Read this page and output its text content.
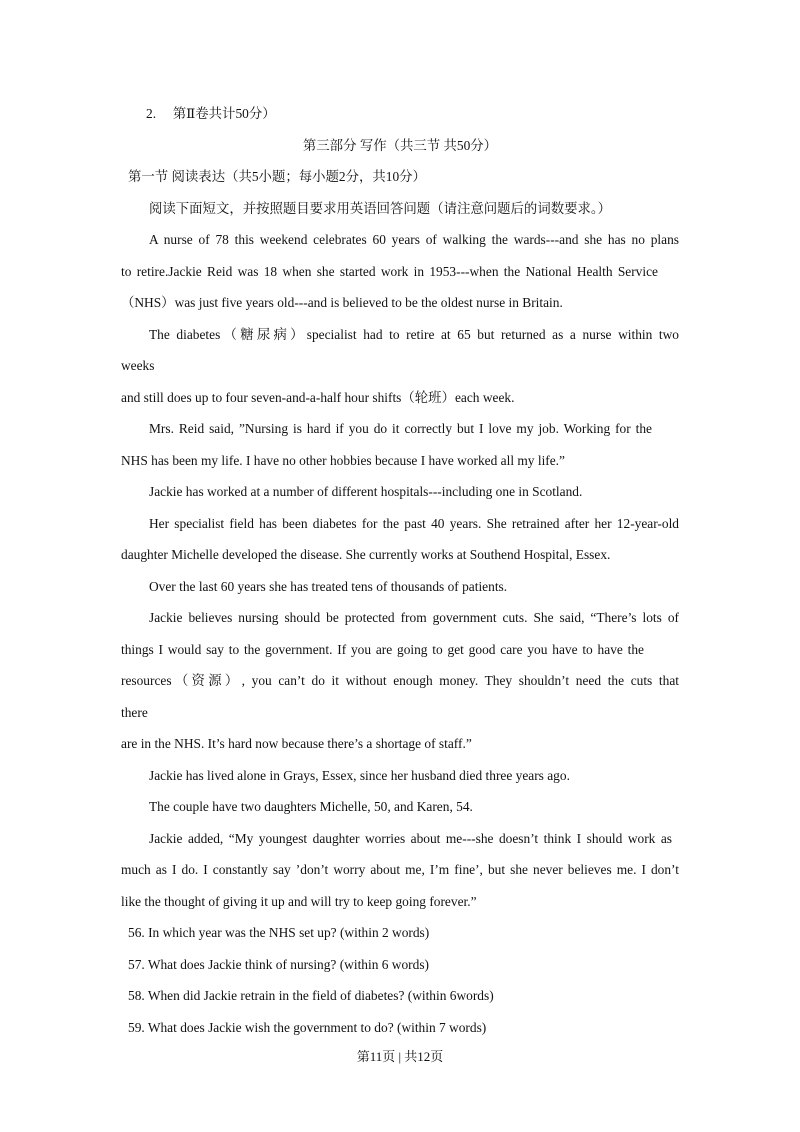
2.　 第Ⅱ卷共计50分）
第三部分 写作（共三节 共50分）
第一节 阅读表达（共5小题；每小题2分，共10分）
阅读下面短文，并按照题目要求用英语回答问题（请注意问题后的词数要求。）
A nurse of 78 this weekend celebrates 60 years of walking the wards---and she has no plans
to retire.Jackie Reid was 18 when she started work in 1953---when the National Health Service
（NHS）was just five years old---and is believed to be the oldest nurse in Britain.
The diabetes（糖尿病）specialist had to retire at 65 but returned as a nurse within two
weeks
and still does up to four seven-and-a-half hour shifts（轮班）each week.
Mrs. Reid said, ”Nursing is hard if you do it correctly but I love my job. Working for the
NHS has been my life. I have no other hobbies because I have worked all my life.”
Jackie has worked at a number of different hospitals---including one in Scotland.
Her specialist field has been diabetes for the past 40 years. She retrained after her 12-year-old
daughter Michelle developed the disease. She currently works at Southend Hospital, Essex.
Over the last 60 years she has treated tens of thousands of patients.
Jackie believes nursing should be protected from government cuts. She said, “There’s lots of
things I would say to the government. If you are going to get good care you have to have the
resources（资源）, you can’t do it without enough money. They shouldn’t need the cuts that
there
are in the NHS. It’s hard now because there’s a shortage of staff.”
Jackie has lived alone in Grays, Essex, since her husband died three years ago.
The couple have two daughters Michelle, 50, and Karen, 54.
Jackie added, “My youngest daughter worries about me---she doesn’t think I should work as
much as I do. I constantly say ’don’t worry about me, I’m fine’, but she never believes me. I don’t
like the thought of giving it up and will try to keep going forever.”
56. In which year was the NHS set up? (within 2 words)
57. What does Jackie think of nursing? (within 6 words)
58. When did Jackie retrain in the field of diabetes? (within 6words)
59. What does Jackie wish the government to do? (within 7 words)
第11页 | 共12页
